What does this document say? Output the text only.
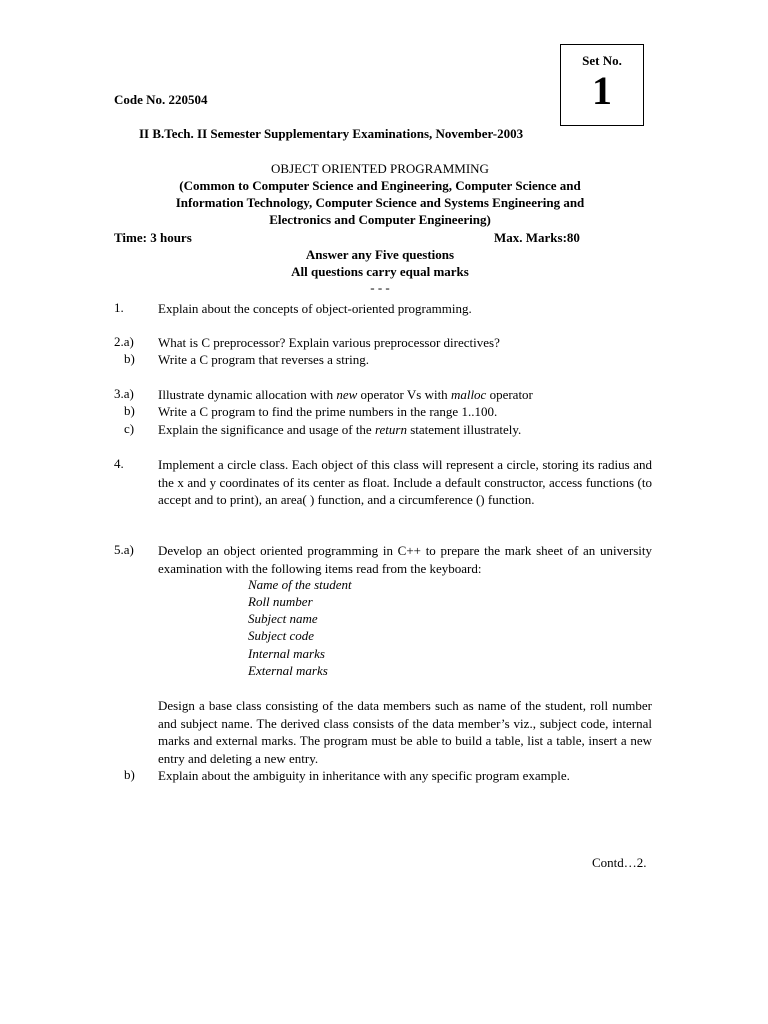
Set No.
1
Code No. 220504
II B.Tech. II Semester Supplementary Examinations, November-2003
OBJECT ORIENTED PROGRAMMING
(Common to Computer Science and Engineering, Computer Science and
Information Technology, Computer Science and Systems Engineering and
Electronics and Computer Engineering)
Time: 3 hours	Max. Marks:80
Answer any Five questions
All questions carry equal marks
- - -
1.	Explain about the concepts of object-oriented programming.
2.a)	What is C preprocessor? Explain various preprocessor directives?
b)	Write a C program that reverses a string.
3.a)	Illustrate dynamic allocation with new operator Vs with malloc operator
b)	Write a C program to find the prime numbers in the range 1..100.
c)	Explain the significance and usage of the return statement illustrately.
4.	Implement a circle class. Each object of this class will represent a circle, storing its radius and the x and y coordinates of its center as float. Include a default constructor, access functions (to accept and to print), an area( ) function, and a circumference () function.
5.a)	Develop an object oriented programming in C++ to prepare the mark sheet of an university examination with the following items read from the keyboard:
Name of the student
Roll number
Subject name
Subject code
Internal marks
External marks
Design a base class consisting of the data members such as name of the student, roll number and subject name. The derived class consists of the data member’s viz., subject code, internal marks and external marks. The program must be able to build a table, list a table, insert a new entry and deleting a new entry.
b)	Explain about the ambiguity in inheritance with any specific program example.
Contd…2.
